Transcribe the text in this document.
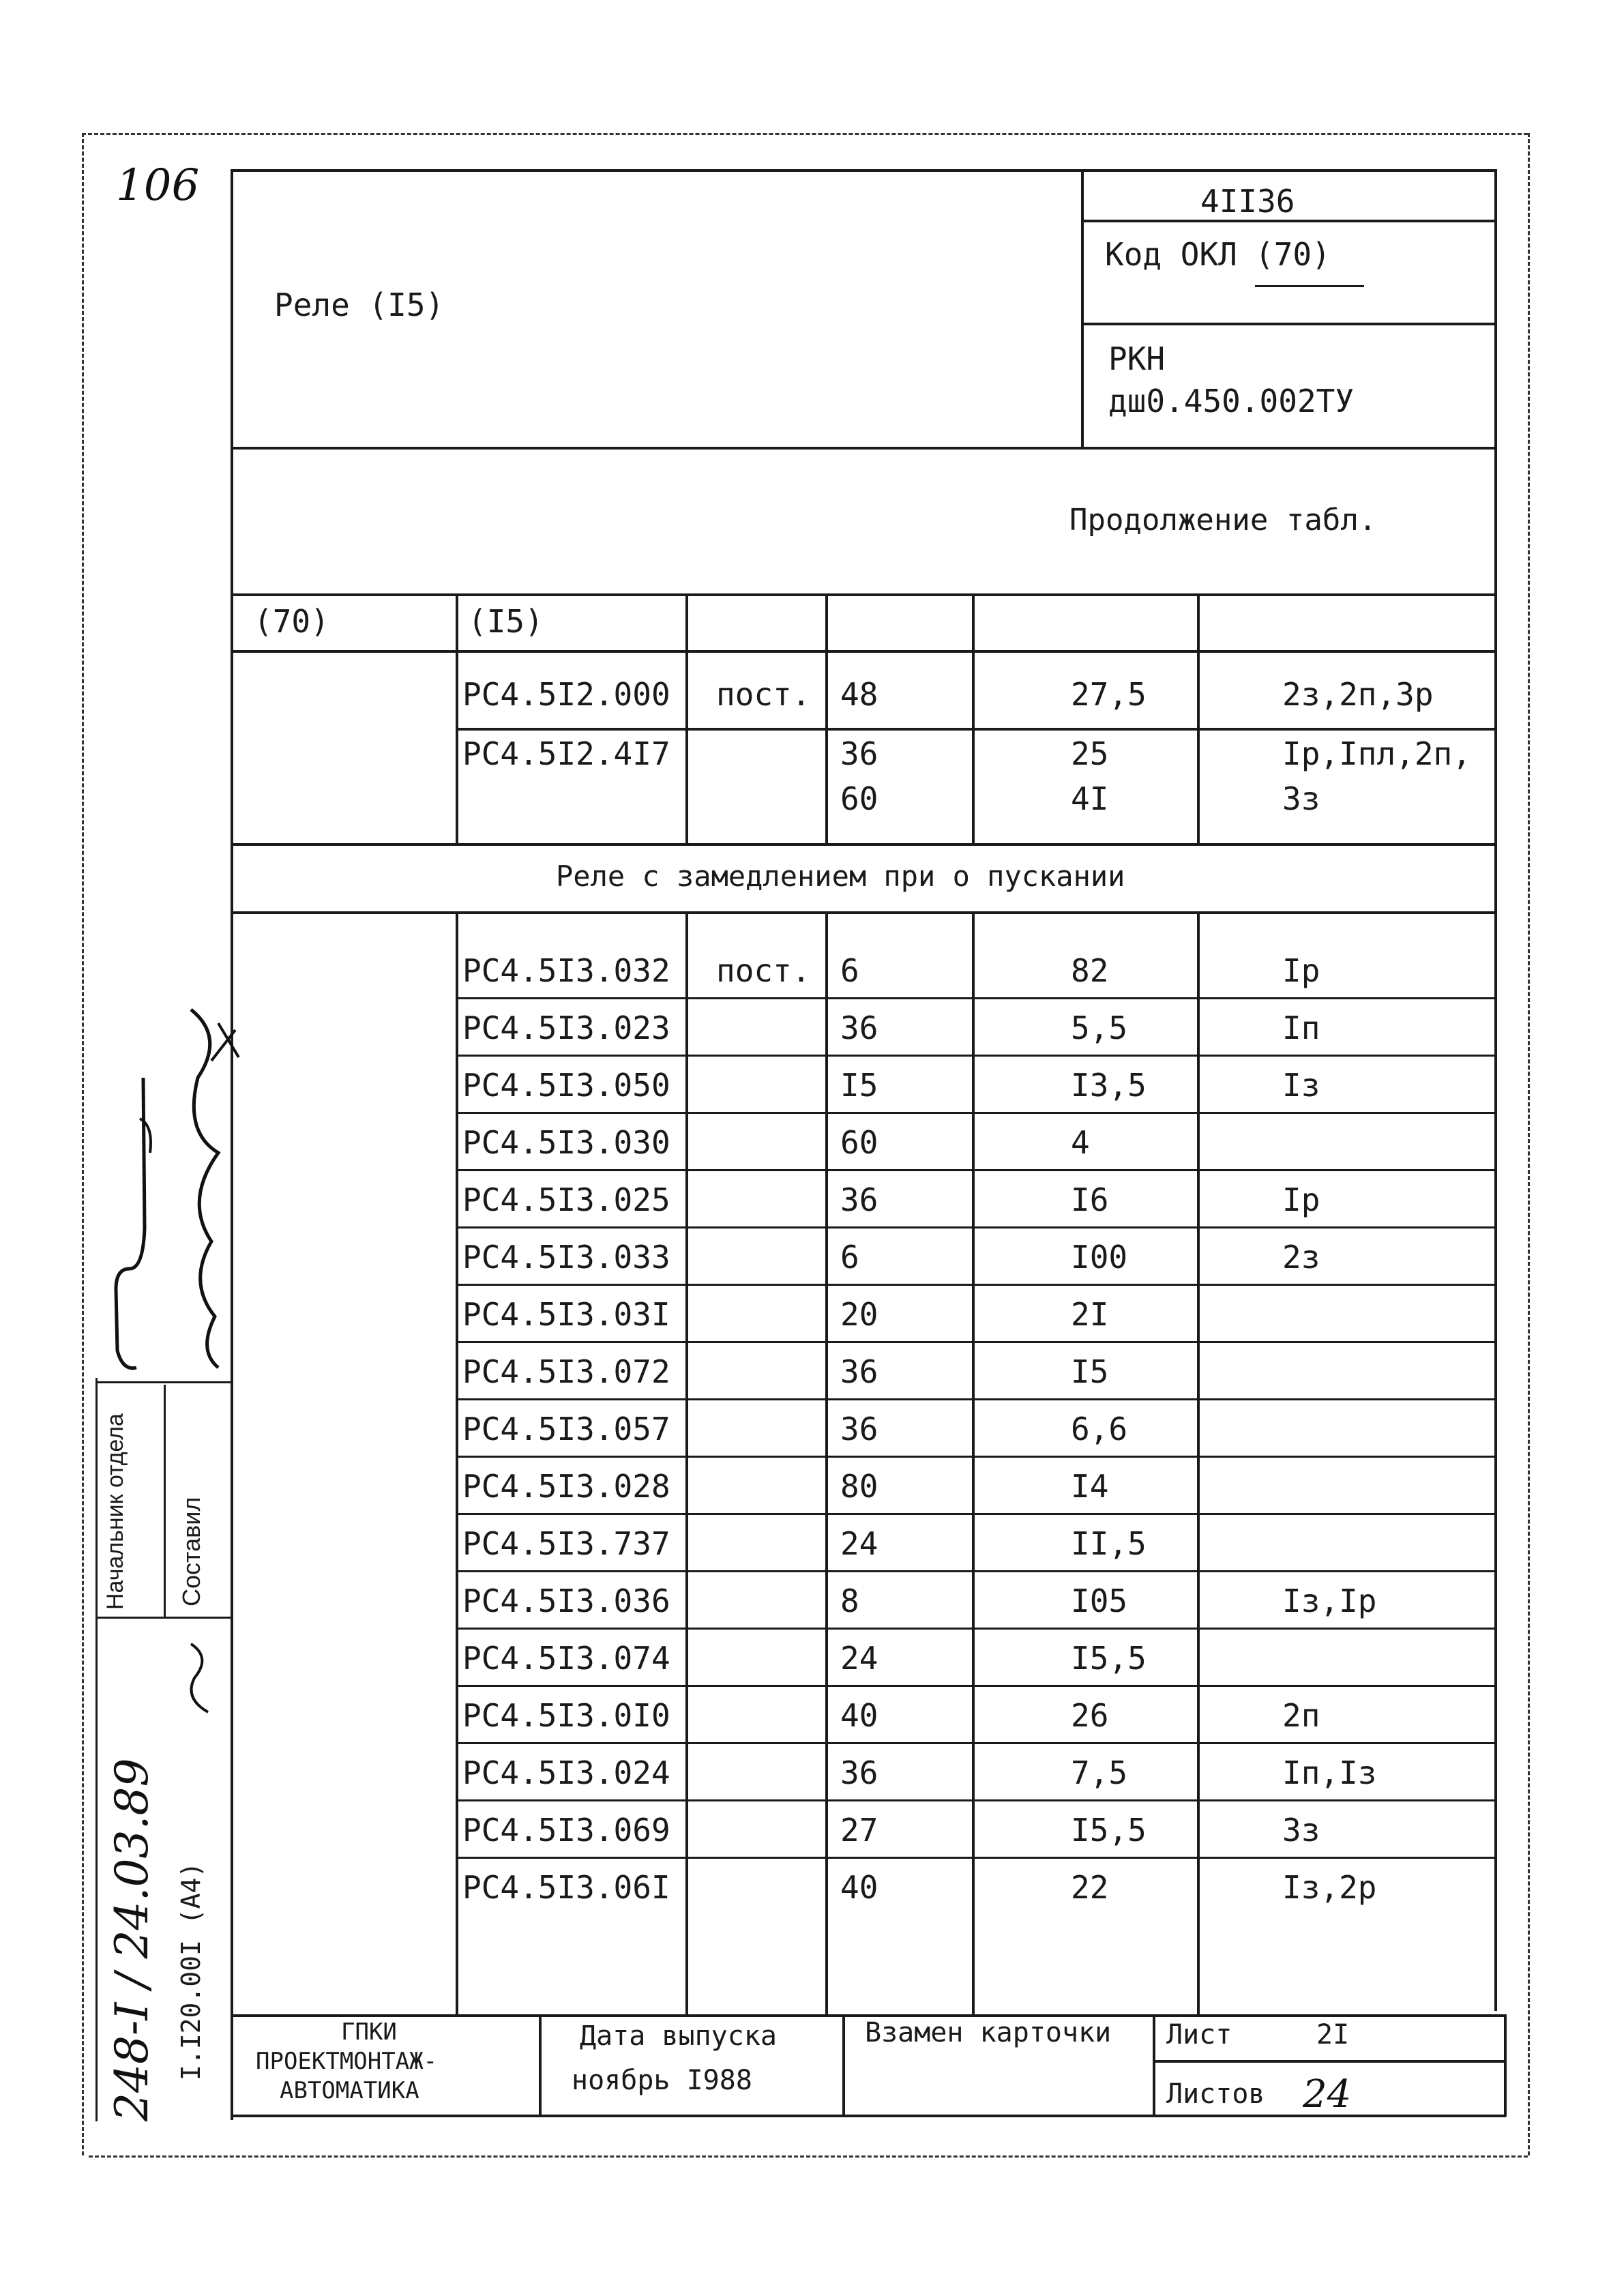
106	4II36
Код ОКЛ (70)
Реле (I5)
РКН
дш0.450.002ТУ
Продолжение табл.
Реле с замедлением при о пускании
(70)	(I5)
РС4.5I2.000 пост. 48	27,5	2з,2п,3р
РС4.5I2.4I7	36	25	Iр,Iпл,2п,
60	4I	3з
РС4.5I3.032 пост. 6	82	Iр
РС4.5I3.023	36	5,5	Iп
РС4.5I3.050	I5	I3,5	Iз
РС4.5I3.030	60	4
РС4.5I3.025	36	I6	Iр
РС4.5I3.033	6	I00	2з
РС4.5I3.03I	20	2I
РС4.5I3.072	36	I5
РС4.5I3.057	36	6,6
РС4.5I3.028	80	I4
РС4.5I3.737	24	II,5
РС4.5I3.036	8	I05	Iз,Iр
РС4.5I3.074	24	I5,5
РС4.5I3.0I0	40	26	2п
РС4.5I3.024	36	7,5	Iп,Iз
РС4.5I3.069	27	I5,5	3з
РС4.5I3.06I	40	22	Iз,2р
ГПКИ
ПРОЕКТМОНТАЖ-
АВТОМАТИКА
Дата выпуска
ноябрь I988
Взамен карточки Лист	2I
Листов 24
Начальник отдела Составил
I.I20.00I (А4)
248-I / 24.03.89
